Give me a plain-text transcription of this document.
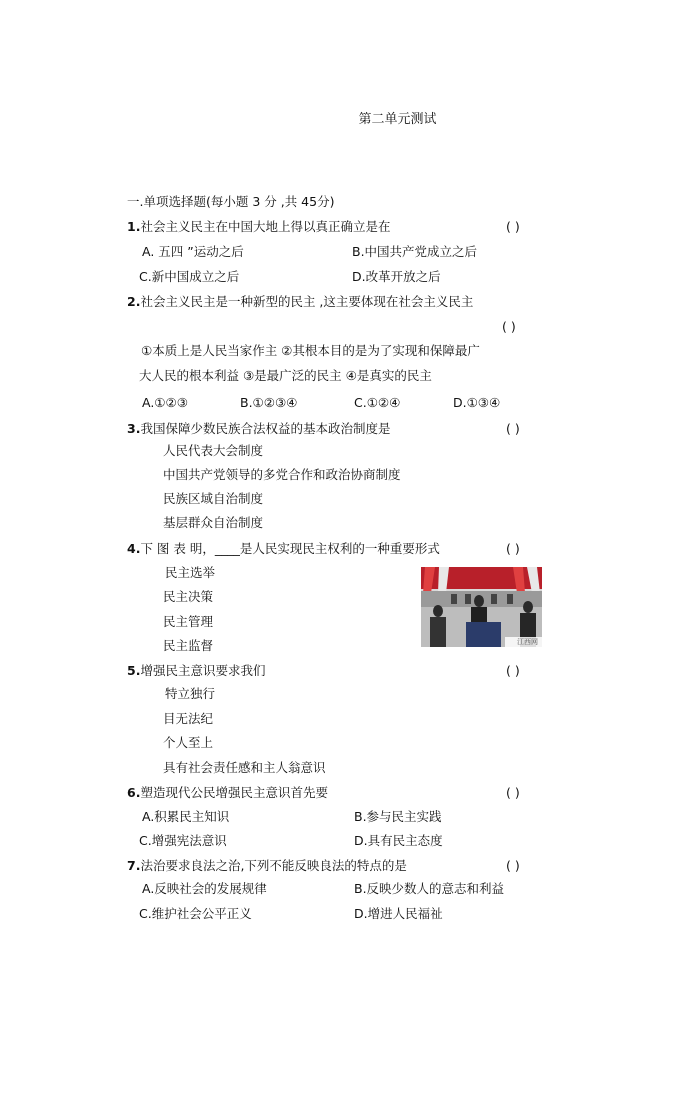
第二单元测试
一.单项选择题(每小题 3 分 ,共 45分)
1.社会主义民主在中国大地上得以真正确立是在	( )
A. 五四 ”运动之后	B.中国共产党成立之后
C.新中国成立之后	D.改革开放之后
2.社会主义民主是一种新型的民主 ,这主要体现在社会主义民主
( )
①本质上是人民当家作主 ②其根本目的是为了实现和保障最广
大人民的根本利益 ③是最广泛的民主 ④是真实的民主
A.①②③	B.①②③④	C.①②④	D.①③④
3.我国保障少数民族合法权益的基本政治制度是	( )
人民代表大会制度
中国共产党领导的多党合作和政治协商制度
民族区域自治制度
基层群众自治制度
4.下 图 表 明，____是人民实现民主权利的一种重要形式	( )
民主选举
民主决策
民主管理
民主监督	江西网
5.增强民主意识要求我们	( )
特立独行
目无法纪
个人至上
具有社会责任感和主人翁意识
6.塑造现代公民增强民主意识首先要	( )
A.积累民主知识	B.参与民主实践
C.增强宪法意识	D.具有民主态度
7.法治要求良法之治,下列不能反映良法的特点的是	( )
A.反映社会的发展规律	B.反映少数人的意志和利益
C.维护社会公平正义	D.增进人民福祉
